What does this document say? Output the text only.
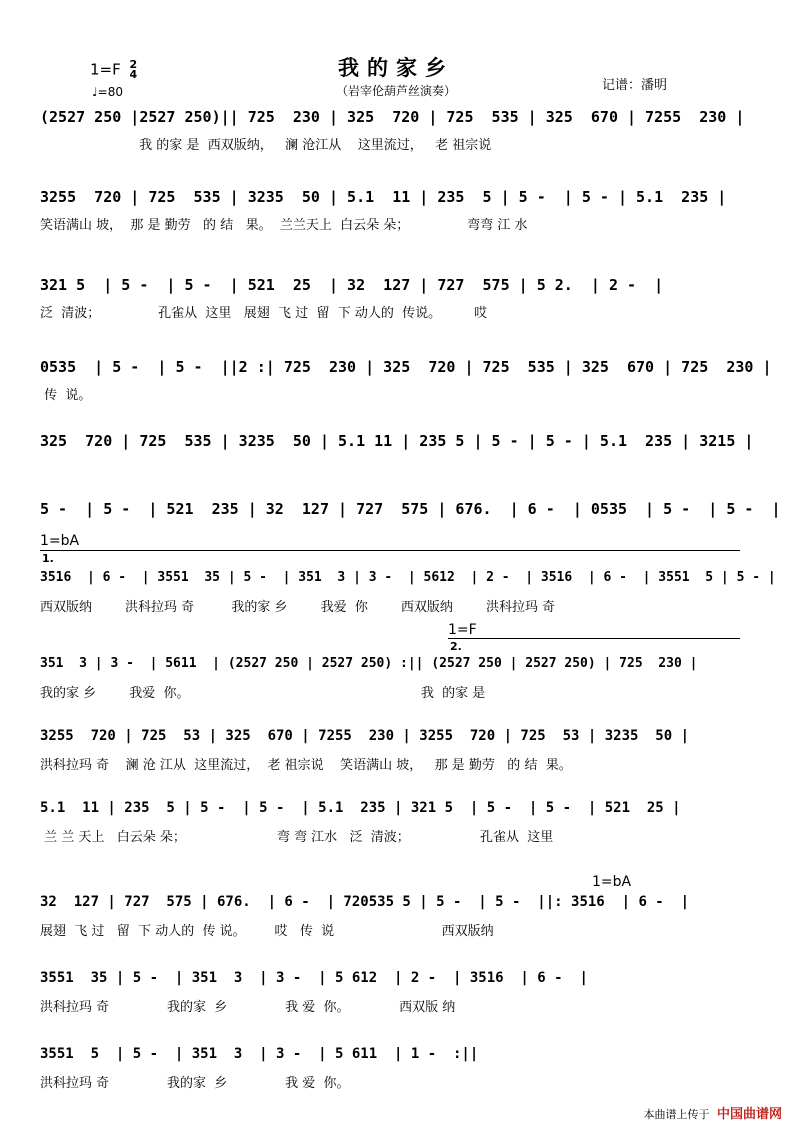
1=F 2
4
♩=80
我的家乡
（岩宰伦葫芦丝演奏）	记谱：潘明
(2527 250 |2527 250)|| 725  230 | 325  720 | 725  535 | 325  670 | 7255  230 |
我 的家 是  西双版纳，   澜 沧江从    这里流过，   老 祖宗说
3255  720 | 725  535 | 3235  50 | 5.1  11 | 235  5 | 5 -  | 5 - | 5.1  235 |
笑语满山 坡，  那 是 勤劳   的 结   果。  兰兰天上  白云朵 朵；              弯弯 江 水
321 5  | 5 -  | 5 -  | 521  25  | 32  127 | 727  575 | 5 2.  | 2 -  |
泛  清波；              孔雀从  这里   展翅  飞 过  留  下 动人的  传说。        哎
0535  | 5 -  | 5 -  ||2 :| 725  230 | 325  720 | 725  535 | 325  670 | 725  230 |
传  说。
325  720 | 725  535 | 3235  50 | 5.1 11 | 235 5 | 5 - | 5 - | 5.1  235 | 3215 |
5 -  | 5 -  | 521  235 | 32  127 | 727  575 | 676.  | 6 -  | 0535  | 5 -  | 5 -  |
1=bA
1.
3516  | 6 -  | 3551  35 | 5 -  | 351  3 | 3 -  | 5612  | 2 -  | 3516  | 6 -  | 3551  5 | 5 - |
西双版纳        洪科拉玛 奇         我的家 乡        我爱  你        西双版纳        洪科拉玛 奇
1=F
2.
351  3 | 3 -  | 5611  | (2527 250 | 2527 250) :|| (2527 250 | 2527 250) | 725  230 |
我的家 乡        我爱  你。                                                        我  的家 是
3255  720 | 725  53 | 325  670 | 7255  230 | 3255  720 | 725  53 | 3235  50 |
洪科拉玛 奇    澜 沧 江从  这里流过，  老 祖宗说    笑语满山 坡，   那 是 勤劳   的 结  果。
5.1  11 | 235  5 | 5 -  | 5 -  | 5.1  235 | 321 5  | 5 -  | 5 -  | 521  25 |
兰 兰 天上   白云朵 朵；                      弯 弯 江水   泛  清波；                 孔雀从  这里
1=bA
32  127 | 727  575 | 676.  | 6 -  | 720535 5 | 5 -  | 5 -  ||: 3516  | 6 -  |
展翅  飞 过   留  下 动人的  传 说。       哎   传  说                          西双版纳
3551  35 | 5 -  | 351  3  | 3 -  | 5 612  | 2 -  | 3516  | 6 -  |
洪科拉玛 奇              我的家  乡              我 爱  你。            西双版 纳
3551  5  | 5 -  | 351  3  | 3 -  | 5 611  | 1 -  :||
洪科拉玛 奇              我的家  乡              我 爱  你。
本曲谱上传于 中国曲谱网
